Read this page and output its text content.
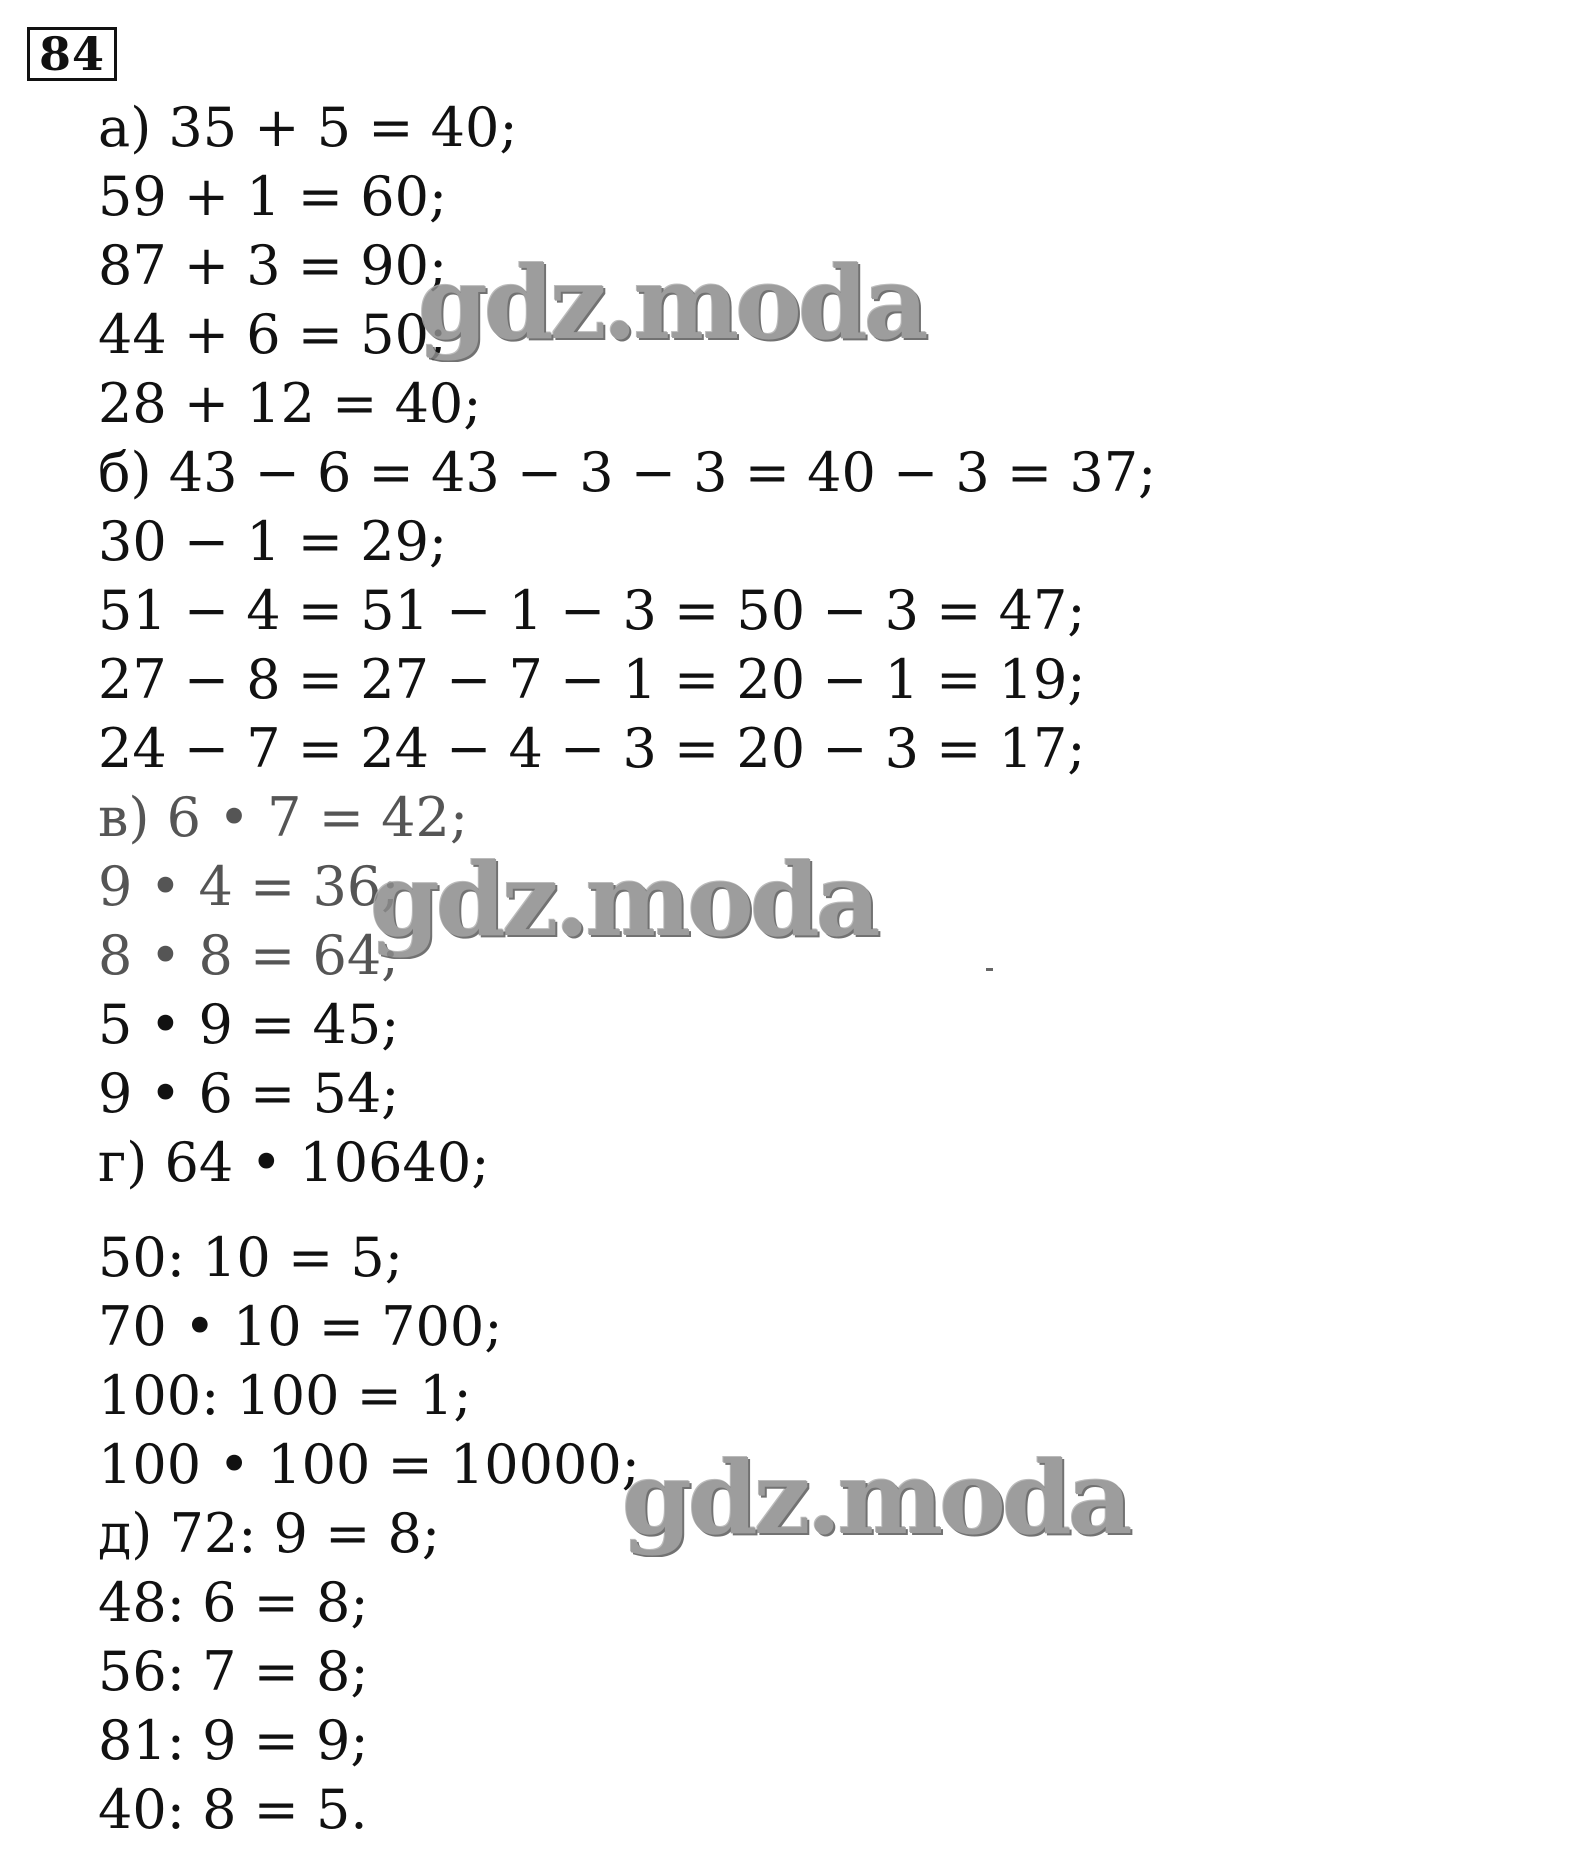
84
а) 35 + 5 = 40;
59 + 1 = 60;
87 + 3 = 90;
44 + 6 = 50;
28 + 12 = 40;
б) 43 − 6 = 43 − 3 − 3 = 40 − 3 = 37;
30 − 1 = 29;
51 − 4 = 51 − 1 − 3 = 50 − 3 = 47;
27 − 8 = 27 − 7 − 1 = 20 − 1 = 19;
24 − 7 = 24 − 4 − 3 = 20 − 3 = 17;
в) 6 • 7 = 42;
9 • 4 = 36;
8 • 8 = 64;
5 • 9 = 45;
9 • 6 = 54;
г) 64 • 10640;
50: 10 = 5;
70 • 10 = 700;
100: 100 = 1;
100 • 100 = 10000;
д) 72: 9 = 8;
48: 6 = 8;
56: 7 = 8;
81: 9 = 9;
40: 8 = 5.
gdz.moda
gdz.moda
gdz.moda
